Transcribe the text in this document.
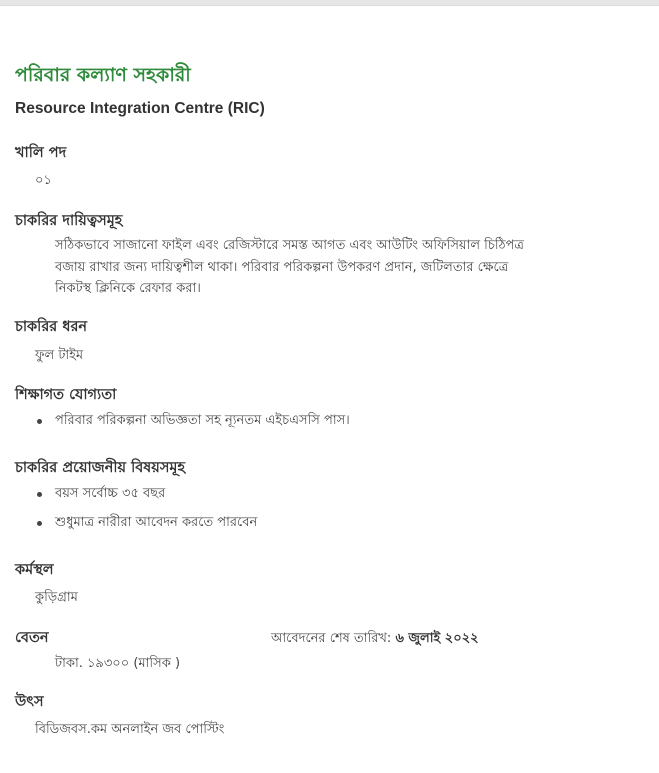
পরিবার কল্যাণ সহকারী
Resource Integration Centre (RIC)
খালি পদ

০১

চাকরির দায়িত্বসমূহ

সঠিকভাবে সাজানো ফাইল এবং রেজিস্টারে সমস্ত আগত এবং আউটিং অফিসিয়াল চিঠিপত্র
বজায় রাখার জন্য দায়িত্বশীল থাকা। পরিবার পরিকল্পনা উপকরণ প্রদান, জটিলতার ক্ষেত্রে
নিকটস্থ ক্লিনিকে রেফার করা।

চাকরির ধরন

ফুল টাইম

শিক্ষাগত যোগ্যতা
পরিবার পরিকল্পনা অভিজ্ঞতা সহ ন্যূনতম এইচএসসি পাস।
চাকরির প্রয়োজনীয় বিষয়সমূহ
বয়স সর্বোচ্চ ৩৫ বছর
শুধুমাত্র নারীরা আবেদন করতে পারবেন
কর্মস্থল

কুড়িগ্রাম

বেতন	আবেদনের শেষ তারিখ: ৬ জুলাই ২০২২

টাকা. ১৯৩০০ (মাসিক )

উৎস

বিডিজবস.কম অনলাইন জব পোস্টিং
